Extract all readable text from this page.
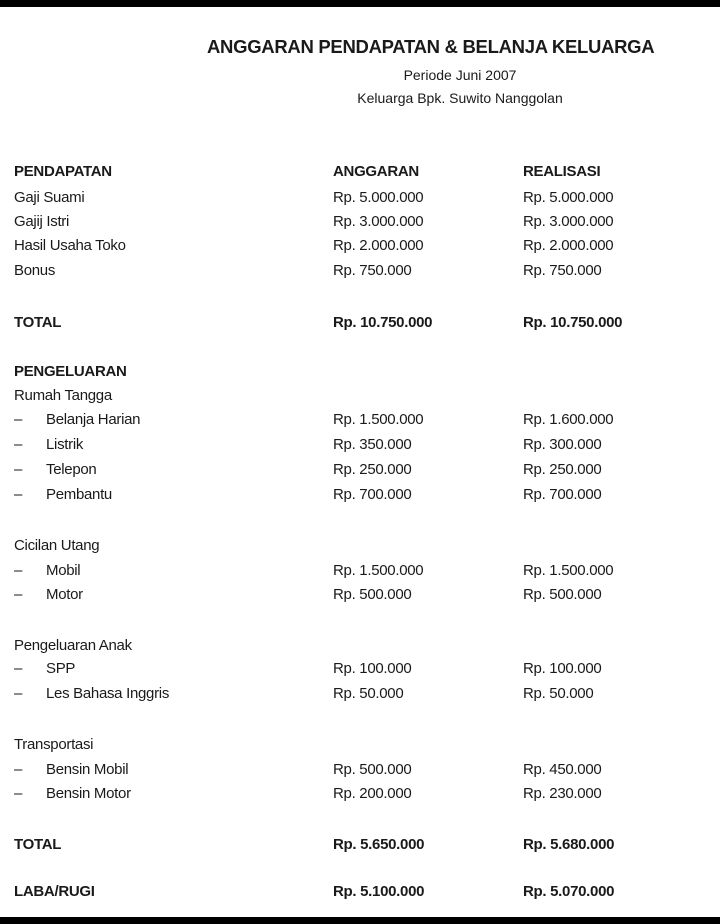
ANGGARAN PENDAPATAN & BELANJA KELUARGA
Periode Juni 2007
Keluarga Bpk. Suwito Nanggolan
PENDAPATAN	ANGGARAN	REALISASI
Gaji Suami	Rp. 5.000.000	Rp. 5.000.000
Gajij Istri	Rp. 3.000.000	Rp. 3.000.000
Hasil Usaha Toko	Rp. 2.000.000	Rp. 2.000.000
Bonus	Rp. 750.000	Rp. 750.000
TOTAL	Rp. 10.750.000	Rp. 10.750.000
PENGELUARAN
Rumah Tangga
– Belanja Harian	Rp. 1.500.000	Rp. 1.600.000
– Listrik	Rp. 350.000	Rp. 300.000
– Telepon	Rp. 250.000	Rp. 250.000
– Pembantu	Rp. 700.000	Rp. 700.000
Cicilan Utang
– Mobil	Rp. 1.500.000	Rp. 1.500.000
– Motor	Rp. 500.000	Rp. 500.000
Pengeluaran Anak
– SPP	Rp. 100.000	Rp. 100.000
– Les Bahasa Inggris	Rp. 50.000	Rp. 50.000
Transportasi
– Bensin Mobil	Rp. 500.000	Rp. 450.000
– Bensin Motor	Rp. 200.000	Rp. 230.000
TOTAL	Rp. 5.650.000	Rp. 5.680.000
LABA/RUGI	Rp. 5.100.000	Rp. 5.070.000
